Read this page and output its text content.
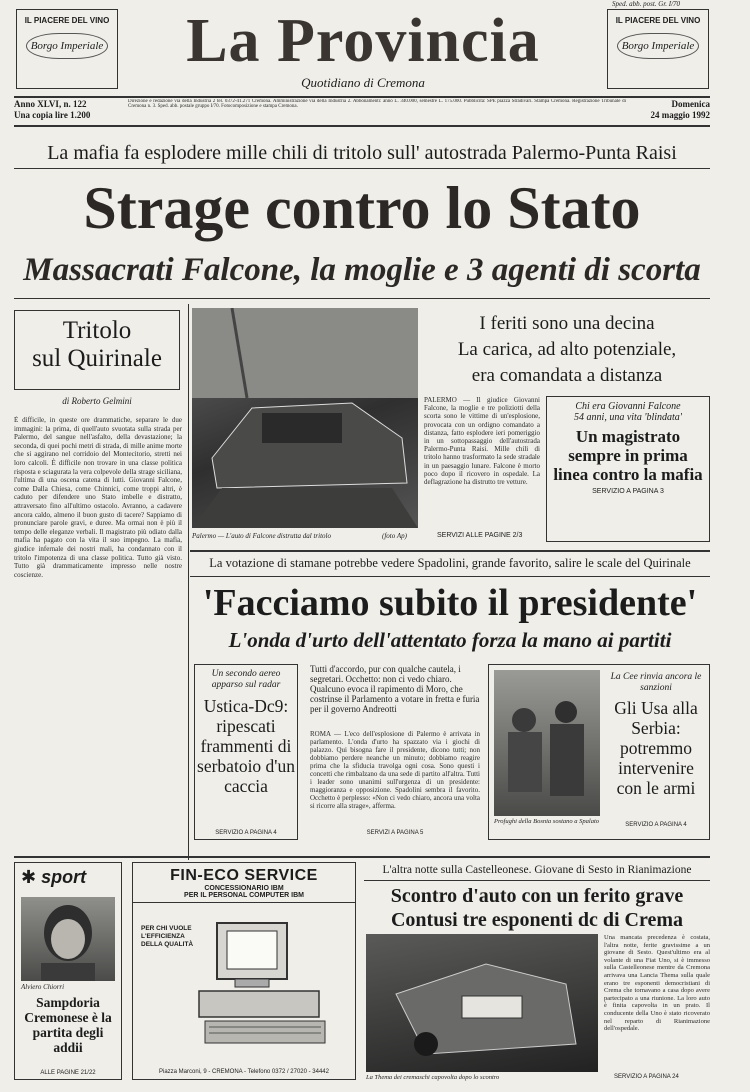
Sped. abb. post. Gr. I/70
IL PIACERE DEL VINO
Borgo Imperiale
IL PIACERE DEL VINO
Borgo Imperiale
La Provincia
Quotidiano di Cremona
Anno XLVI, n. 122
Una copia lire 1.200
Direzione e redazione via della Industria 2 tel. 0372-41.271 Cremona. Amministrazione via della Industria 2. Abbonamenti: anno L. 340.000, semestre L. 175.000. Pubblicità: SPE piazza Stradivari. Stampa Cremona. Registrazione Tribunale di Cremona n. 3. Sped. abb. postale gruppo I/70. Fotocomposizione e stampa Cremona.	Domenica
24 maggio 1992
La mafia fa esplodere mille chili di tritolo sull' autostrada Palermo-Punta Raisi
Strage contro lo Stato
Massacrati Falcone, la moglie e 3 agenti di scorta
Tritolo
sul Quirinale
di Roberto Gelmini
È difficile, in queste ore drammatiche, separare le due immagini: la prima, di quell'auto svuotata sulla strada per Palermo, del sangue nell'asfalto, della devastazione; la seconda, di quei pochi metri di strada, di mille anime morte che si aggirano nel corridoio del Montecitorio, stretti nei loro calcoli. È difficile non trovare in una classe politica risposta e sciagurata la vera colpevole della strage siciliana, l'ultima di una oscena catena di lutti. Giovanni Falcone, come Dalla Chiesa, come Chinnici, come troppi altri, è caduto per difendere uno Stato imbelle e distratto, attraversato fino all'ultimo ostacolo. Avranno, a cadavere ancora caldo, almeno il buon gusto di tacere? Sappiamo di pronunciare parole gravi, e duree. Ma ormai non è più il tempo delle eleganze verbali. Il magistrato più odiato dalla mafia ha pagato con la vita il suo impegno. La mafia, giudice infernale dei nostri mali, ha condannato con il tritolo l'impotenza di una classe politica. Tutto già visto. Tutto già drammaticamente impresso nelle nostre coscienze.
Palermo — L'auto di Falcone distrutta dal tritolo	(foto Ap)
I feriti sono una decina
La carica, ad alto potenziale,
era comandata a distanza
PALERMO — Il giudice Giovanni Falcone, la moglie e tre poliziotti della scorta sono le vittime di un'esplosione, provocata con un ordigno comandato a distanza, fatto esplodere ieri pomeriggio in un sottopassaggio dell'autostrada Palermo-Punta Raisi. Mille chili di tritolo hanno trasformato la sede stradale in un paesaggio lunare. Falcone è morto poco dopo il ricovero in ospedale. La deflagrazione ha distrutto tre vetture.
SERVIZI ALLE PAGINE 2/3
Chi era Giovanni Falcone
54 anni, una vita 'blindata'
Un magistrato sempre in prima linea contro la mafia
SERVIZIO A PAGINA 3
La votazione di stamane potrebbe vedere Spadolini, grande favorito, salire le scale del Quirinale
'Facciamo subito il presidente'
L'onda d'urto dell'attentato forza la mano ai partiti
Un secondo aereo apparso sul radar
Ustica-Dc9: ripescati frammenti di serbatoio d'un caccia
SERVIZIO A PAGINA 4
Tutti d'accordo, pur con qualche cautela, i segretari. Occhetto: non ci vedo chiaro. Qualcuno evoca il rapimento di Moro, che costrinse il Parlamento a votare in fretta e furia per il governo Andreotti
ROMA — L'eco dell'esplosione di Palermo è arrivata in parlamento. L'onda d'urto ha spazzato via i giochi di palazzo. Qui bisogna fare il presidente, dicono tutti; non dobbiamo perdere neanche un minuto; dobbiamo reagire prima che la sfiducia travolga ogni cosa. Sono questi i concetti che rimbalzano da una sede di partito all'altra. Tutti i leader sono unanimi sull'urgenza di un presidente: maggioranza e opposizione. Spadolini sembra il favorito. Occhetto è perplesso: «Non ci vedo chiaro, ancora una volta si ricorre alla strage», afferma.
SERVIZI A PAGINA 5
Profughi della Bosnia sostano a Spalato
La Cee rinvia ancora le sanzioni
Gli Usa alla Serbia: potremmo intervenire con le armi
SERVIZIO A PAGINA 4
✱ sport
Alviero Chiorri
Sampdoria Cremonese è la partita degli addii
ALLE PAGINE 21/22
FIN-ECO SERVICE
CONCESSIONARIO IBM
PER IL PERSONAL COMPUTER IBM
PER CHI VUOLE L'EFFICIENZA DELLA QUALITÀ
Piazza Marconi, 9 - CREMONA - Telefono 0372 / 27020 - 34442
L'altra notte sulla Castelleonese. Giovane di Sesto in Rianimazione
Scontro d'auto con un ferito grave
Contusi tre esponenti dc di Crema
La Thema dei cremaschi capovolta dopo lo scontro
Una mancata precedenza è costata, l'altra notte, ferite gravissime a un giovane di Sesto. Quest'ultimo era al volante di una Fiat Uno, si è immesso sulla Castelleonese mentre da Cremona arrivava una Lancia Thema sulla quale erano tre esponenti democristiani di Crema che tornavano a casa dopo avere partecipato a una riunione. La loro auto è finita capovolta in un prato. Il conducente della Uno è stato ricoverato nel reparto di Rianimazione dell'ospedale.
SERVIZIO A PAGINA 24
